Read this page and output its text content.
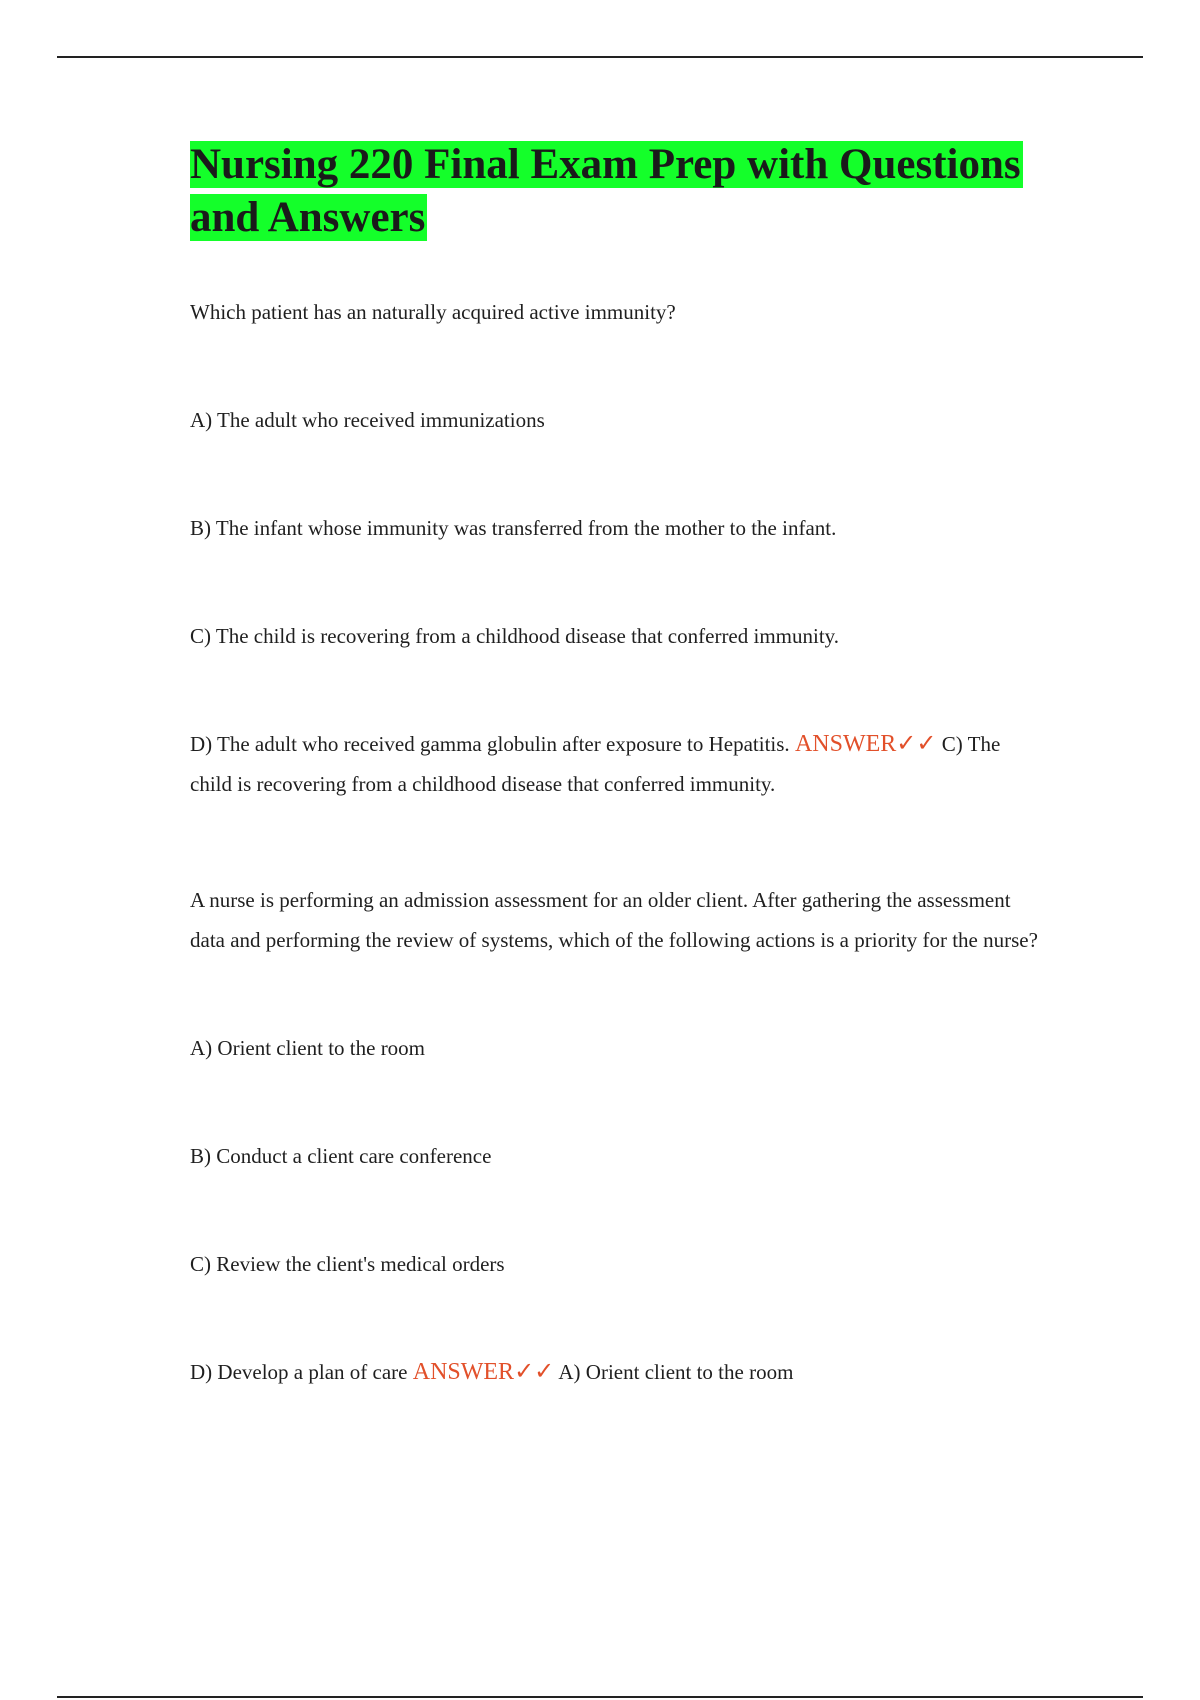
Nursing 220 Final Exam Prep with Questions and Answers

Which patient has an naturally acquired active immunity?

A) The adult who received immunizations

B) The infant whose immunity was transferred from the mother to the infant.

C) The child is recovering from a childhood disease that conferred immunity.

D) The adult who received gamma globulin after exposure to Hepatitis. ANSWER✓✓ C) The child is recovering from a childhood disease that conferred immunity.

A nurse is performing an admission assessment for an older client. After gathering the assessment data and performing the review of systems, which of the following actions is a priority for the nurse?

A) Orient client to the room

B) Conduct a client care conference

C) Review the client's medical orders

D) Develop a plan of care ANSWER✓✓ A) Orient client to the room
